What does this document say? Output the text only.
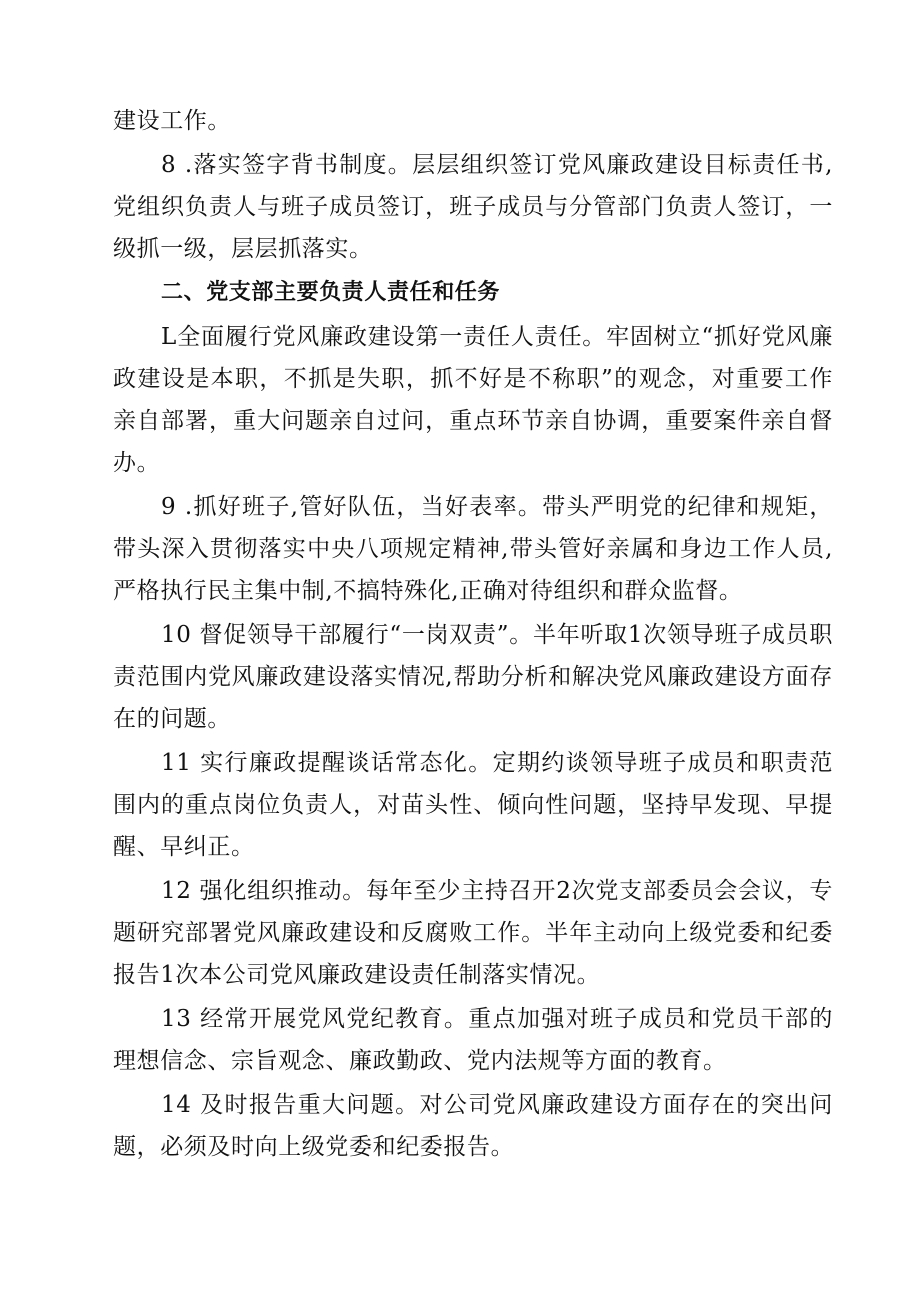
建设工作。

8 .落实签字背书制度。层层组织签订党风廉政建设目标责任书,党组织负责人与班子成员签订，班子成员与分管部门负责人签订，一级抓一级，层层抓落实。

二、党支部主要负责人责任和任务

L全面履行党风廉政建设第一责任人责任。牢固树立“抓好党风廉政建设是本职，不抓是失职，抓不好是不称职”的观念，对重要工作亲自部署，重大问题亲自过问，重点环节亲自协调，重要案件亲自督办。

9 .抓好班子,管好队伍，当好表率。带头严明党的纪律和规矩，带头深入贯彻落实中央八项规定精神,带头管好亲属和身边工作人员,严格执行民主集中制,不搞特殊化,正确对待组织和群众监督。

10 督促领导干部履行“一岗双责”。半年听取1次领导班子成员职责范围内党风廉政建设落实情况,帮助分析和解决党风廉政建设方面存在的问题。

11 实行廉政提醒谈话常态化。定期约谈领导班子成员和职责范围内的重点岗位负责人，对苗头性、倾向性问题，坚持早发现、早提醒、早纠正。

12 强化组织推动。每年至少主持召开2次党支部委员会会议，专题研究部署党风廉政建设和反腐败工作。半年主动向上级党委和纪委报告1次本公司党风廉政建设责任制落实情况。

13 经常开展党风党纪教育。重点加强对班子成员和党员干部的理想信念、宗旨观念、廉政勤政、党内法规等方面的教育。

14 及时报告重大问题。对公司党风廉政建设方面存在的突出问题，必须及时向上级党委和纪委报告。
